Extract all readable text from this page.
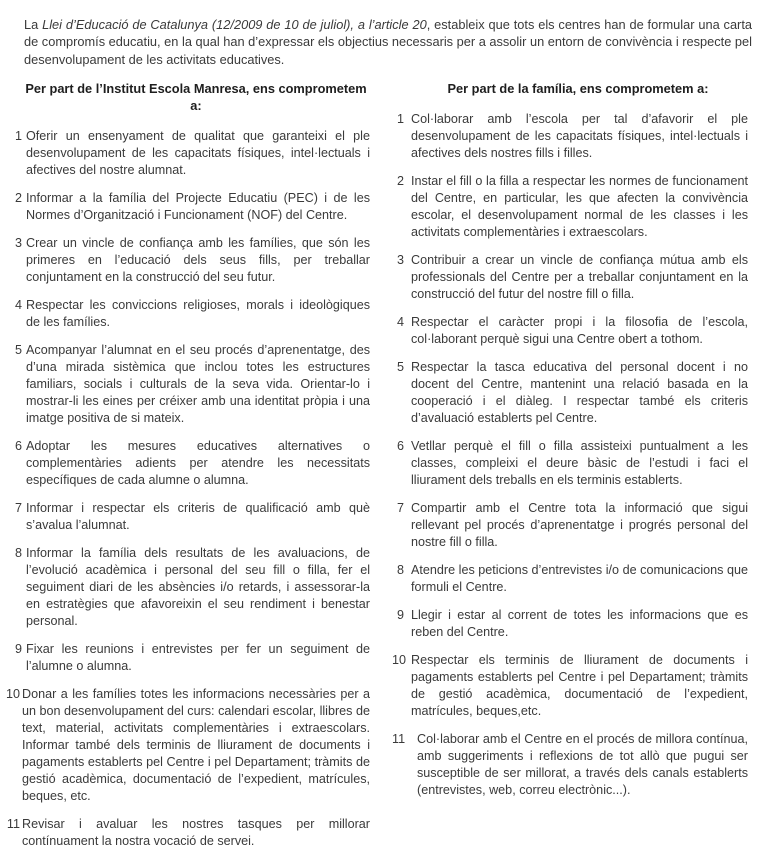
La Llei d’Educació de Catalunya (12/2009 de 10 de juliol), a l’article 20, estableix que tots els centres han de formular una carta de compromís educatiu, en la qual han d’expressar els objectius necessaris per a assolir un entorn de convivència i respecte pel desenvolupament de les activitats educatives.

Per part de l’Institut Escola Manresa, ens comprometem a:
1 Oferir un ensenyament de qualitat que garanteixi el ple desenvolupament de les capacitats físiques, intel·lectuals i afectives del nostre alumnat.
2 Informar a la família del Projecte Educatiu (PEC) i de les Normes d’Organització i Funcionament (NOF) del Centre.
3 Crear un vincle de confiança amb les famílies, que són les primeres en l’educació dels seus fills, per treballar conjuntament en la construcció del seu futur.
4 Respectar les conviccions religioses, morals i ideològiques de les famílies.
5 Acompanyar l’alumnat en el seu procés d’aprenentatge, des d’una mirada sistèmica que inclou totes les estructures familiars, socials i culturals de la seva vida. Orientar-lo i mostrar-li les eines per créixer amb una identitat pròpia i una imatge positiva de si mateix.
6 Adoptar les mesures educatives alternatives o complementàries adients per atendre les necessitats específiques de cada alumne o alumna.
7 Informar i respectar els criteris de qualificació amb què s’avalua l’alumnat.
8 Informar la família dels resultats de les avaluacions, de l’evolució acadèmica i personal del seu fill o filla, fer el seguiment diari de les absències i/o retards, i assessorar-la en estratègies que afavoreixin el seu rendiment i benestar personal.
9 Fixar les reunions i entrevistes per fer un seguiment de l’alumne o alumna.
10 Donar a les famílies totes les informacions necessàries per a un bon desenvolupament del curs: calendari escolar, llibres de text, material, activitats complementàries i extraescolars. Informar també dels terminis de lliurament de documents i pagaments establerts pel Centre i pel Departament; tràmits de gestió acadèmica, documentació de l’expedient, matrícules, beques, etc.
11 Revisar i avaluar les nostres tasques per millorar contínuament la nostra vocació de servei.
Per part de la família, ens comprometem a:
1 Col·laborar amb l’escola per tal d’afavorir el ple desenvolupament de les capacitats físiques, intel·lectuals i afectives dels nostres fills i filles.
2 Instar el fill o la filla a respectar les normes de funcionament del Centre, en particular, les que afecten la convivència escolar, el desenvolupament normal de les classes i les activitats complementàries i extraescolars.
3 Contribuir a crear un vincle de confiança mútua amb els professionals del Centre per a treballar conjuntament en la construcció del futur del nostre fill o filla.
4 Respectar el caràcter propi i la filosofia de l’escola, col·laborant perquè sigui una Centre obert a tothom.
5 Respectar la tasca educativa del personal docent i no docent del Centre, mantenint una relació basada en la cooperació i el diàleg. I respectar també els criteris d’avaluació establerts pel Centre.
6 Vetllar perquè el fill o filla assisteixi puntualment a les classes, compleixi el deure bàsic de l’estudi i faci el lliurament dels treballs en els terminis establerts.
7 Compartir amb el Centre tota la informació que sigui rellevant pel procés d’aprenentatge i progrés personal del nostre fill o filla.
8 Atendre les peticions d’entrevistes i/o de comunicacions que formuli el Centre.
9 Llegir i estar al corrent de totes les informacions que es reben del Centre.
10 Respectar els terminis de lliurament de documents i pagaments establerts pel Centre i pel Departament; tràmits de gestió acadèmica, documentació de l’expedient, matrícules, beques,etc.
11 Col·laborar amb el Centre en el procés de millora contínua, amb suggeriments i reflexions de tot allò que pugui ser susceptible de ser millorat, a través dels canals establerts (entrevistes, web, correu electrònic...).
